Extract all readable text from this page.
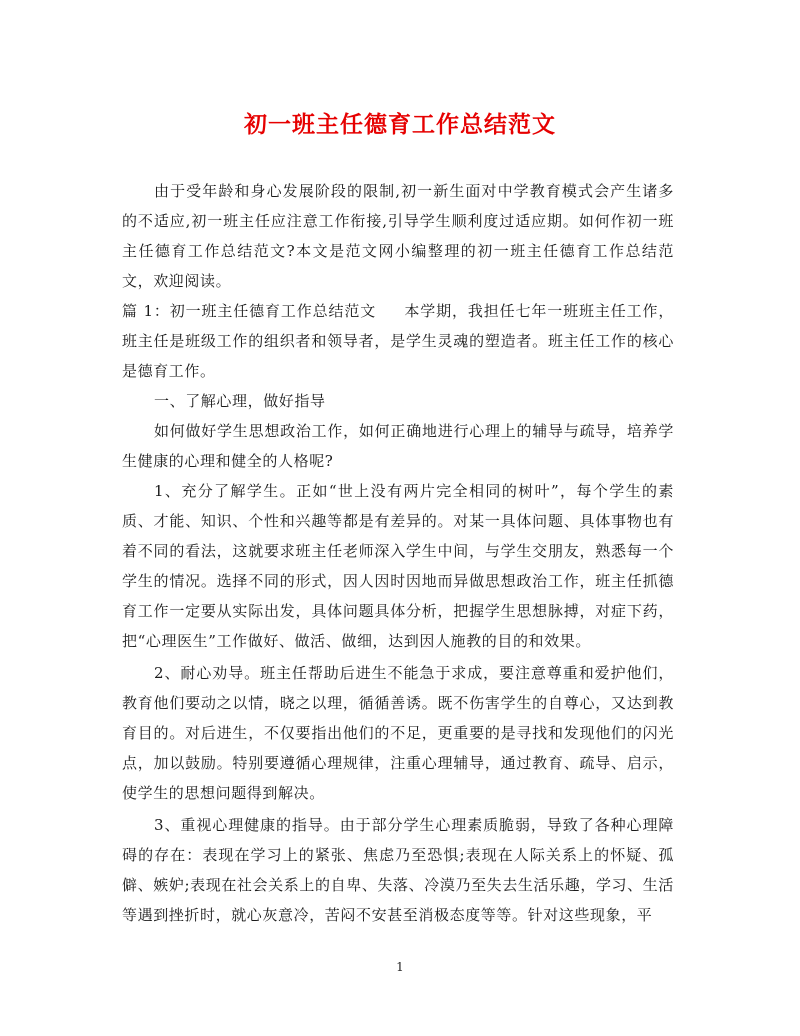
初一班主任德育工作总结范文

由于受年龄和身心发展阶段的限制,初一新生面对中学教育模式会产生诸多的不适应,初一班主任应注意工作衔接,引导学生顺利度过适应期。如何作初一班主任德育工作总结范文?本文是范文网小编整理的初一班主任德育工作总结范文，欢迎阅读。

篇 1：初一班主任德育工作总结范文 本学期，我担任七年一班班主任工作，班主任是班级工作的组织者和领导者，是学生灵魂的塑造者。班主任工作的核心是德育工作。

一、了解心理，做好指导

如何做好学生思想政治工作，如何正确地进行心理上的辅导与疏导，培养学生健康的心理和健全的人格呢?

1、充分了解学生。正如“世上没有两片完全相同的树叶”，每个学生的素质、才能、知识、个性和兴趣等都是有差异的。对某一具体问题、具体事物也有着不同的看法，这就要求班主任老师深入学生中间，与学生交朋友，熟悉每一个学生的情况。选择不同的形式，因人因时因地而异做思想政治工作，班主任抓德育工作一定要从实际出发，具体问题具体分析，把握学生思想脉搏，对症下药，把“心理医生”工作做好、做活、做细，达到因人施教的目的和效果。

2、耐心劝导。班主任帮助后进生不能急于求成，要注意尊重和爱护他们，教育他们要动之以情，晓之以理，循循善诱。既不伤害学生的自尊心，又达到教育目的。对后进生，不仅要指出他们的不足，更重要的是寻找和发现他们的闪光点，加以鼓励。特别要遵循心理规律，注重心理辅导，通过教育、疏导、启示，使学生的思想问题得到解决。

3、重视心理健康的指导。由于部分学生心理素质脆弱，导致了各种心理障碍的存在：表现在学习上的紧张、焦虑乃至恐惧;表现在人际关系上的怀疑、孤僻、嫉妒;表现在社会关系上的自卑、失落、冷漠乃至失去生活乐趣，学习、生活等遇到挫折时，就心灰意冷，苦闷不安甚至消极态度等等。针对这些现象，平

1
